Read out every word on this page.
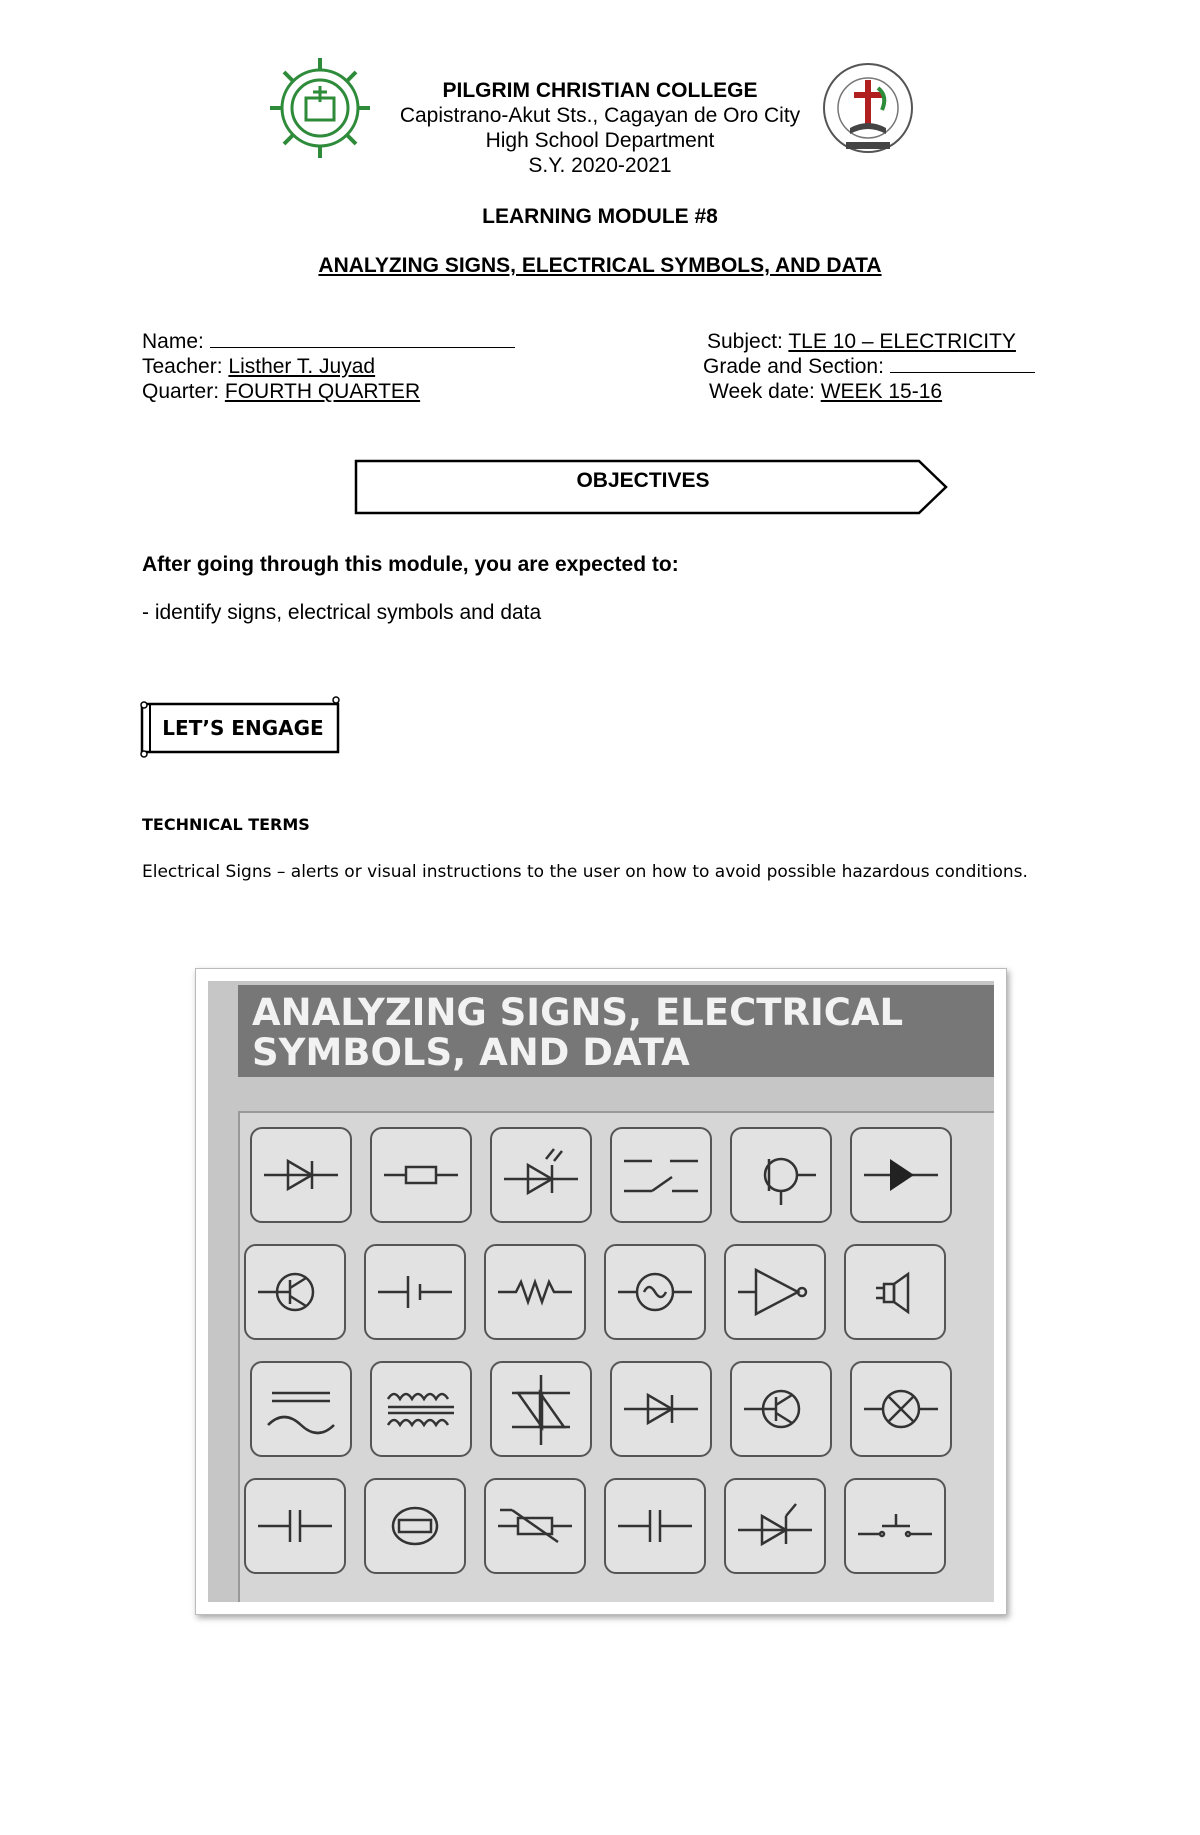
PILGRIM CHRISTIAN COLLEGE
Capistrano-Akut Sts., Cagayan de Oro City
High School Department
S.Y. 2020-2021
LEARNING MODULE #8
ANALYZING SIGNS, ELECTRICAL SYMBOLS, AND DATA
Name:
Teacher: Listher T. Juyad
Quarter: FOURTH QUARTER
Subject: TLE 10 – ELECTRICITY
Grade and Section:
Week date: WEEK 15-16
OBJECTIVES
After going through this module, you are expected to:
- identify signs, electrical symbols and data
LET’S ENGAGE
TECHNICAL TERMS
Electrical Signs – alerts or visual instructions to the user on how to avoid possible hazardous conditions.
ANALYZING SIGNS, ELECTRICAL
SYMBOLS, AND DATA
